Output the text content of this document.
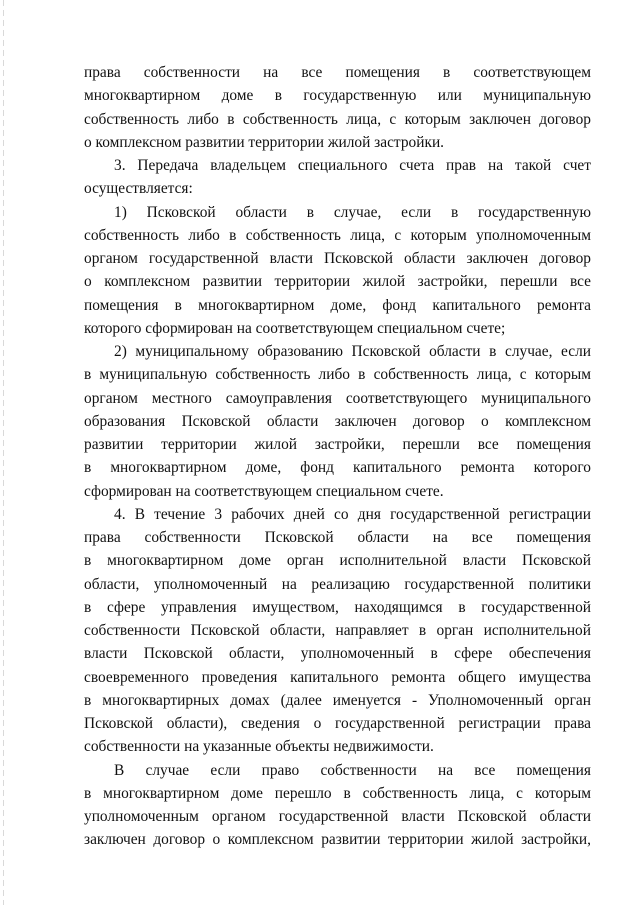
права собственности на все помещения в соответствующем
многоквартирном доме в государственную или муниципальную
собственность либо в собственность лица, с которым заключен договор
о комплексном развитии территории жилой застройки.
3. Передача владельцем специального счета прав на такой счет
осуществляется:
1) Псковской области в случае, если в государственную
собственность либо в собственность лица, с которым уполномоченным
органом государственной власти Псковской области заключен договор
о комплексном развитии территории жилой застройки, перешли все
помещения в многоквартирном доме, фонд капитального ремонта
которого сформирован на соответствующем специальном счете;
2) муниципальному образованию Псковской области в случае, если
в муниципальную собственность либо в собственность лица, с которым
органом местного самоуправления соответствующего муниципального
образования Псковской области заключен договор о комплексном
развитии территории жилой застройки, перешли все помещения
в многоквартирном доме, фонд капитального ремонта которого
сформирован на соответствующем специальном счете.
4. В течение 3 рабочих дней со дня государственной регистрации
права собственности Псковской области на все помещения
в многоквартирном доме орган исполнительной власти Псковской
области, уполномоченный на реализацию государственной политики
в сфере управления имуществом, находящимся в государственной
собственности Псковской области, направляет в орган исполнительной
власти Псковской области, уполномоченный в сфере обеспечения
своевременного проведения капитального ремонта общего имущества
в многоквартирных домах (далее именуется - Уполномоченный орган
Псковской области), сведения о государственной регистрации права
собственности на указанные объекты недвижимости.
В случае если право собственности на все помещения
в многоквартирном доме перешло в собственность лица, с которым
уполномоченным органом государственной власти Псковской области
заключен договор о комплексном развитии территории жилой застройки,
